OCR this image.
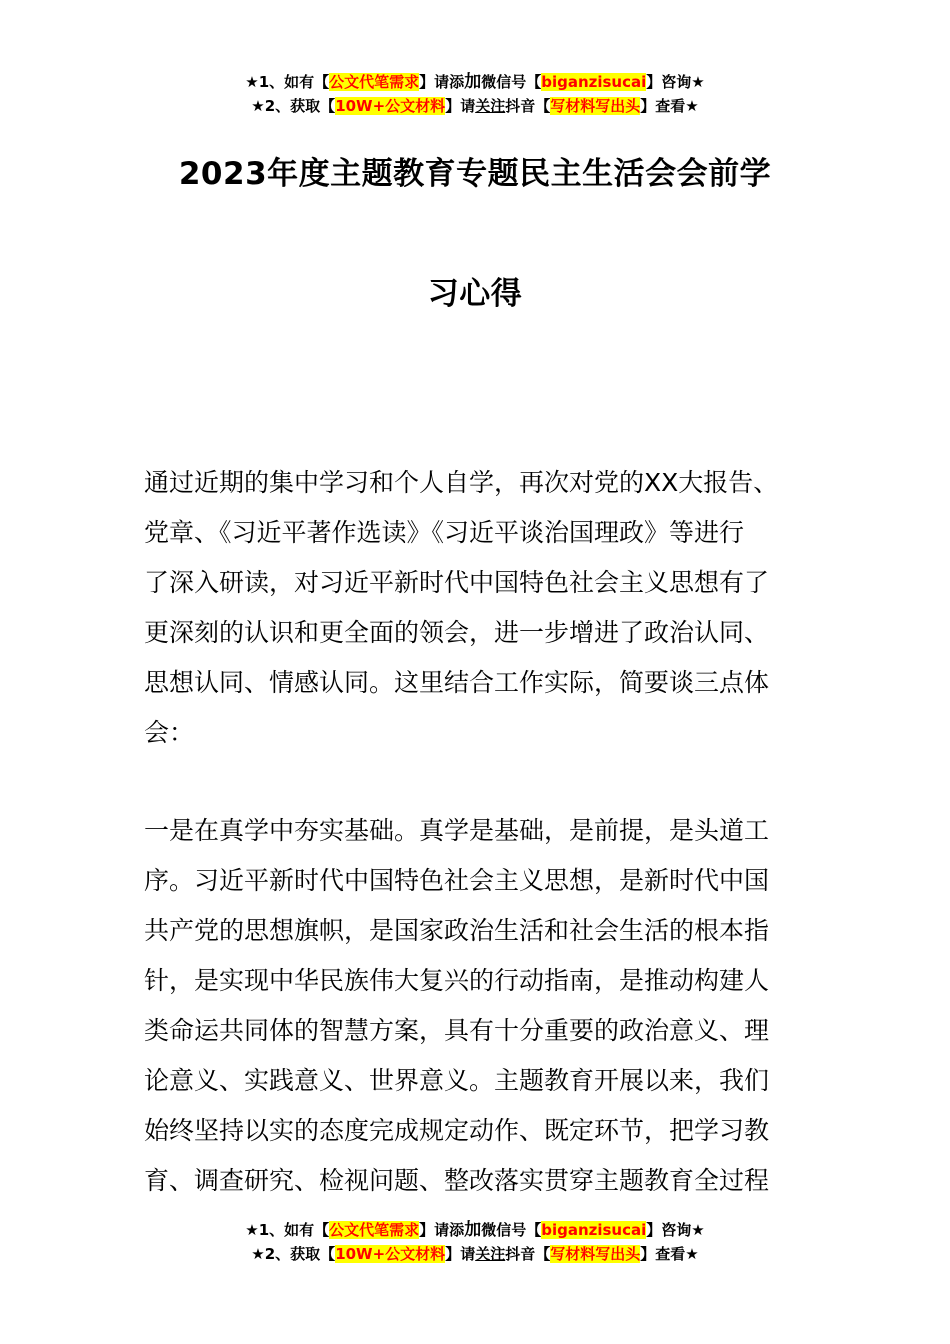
★1、如有【公文代笔需求】请添加微信号【biganzisucai】咨询★
★2、获取【10W+公文材料】请关注抖音【写材料写出头】查看★
2023年度主题教育专题民主生活会会前学
习心得
通过近期的集中学习和个人自学，再次对党的XX大报告、
党章、《习近平著作选读》《习近平谈治国理政》等进行
了深入研读，对习近平新时代中国特色社会主义思想有了
更深刻的认识和更全面的领会，进一步增进了政治认同、
思想认同、情感认同。这里结合工作实际，简要谈三点体
会：
一是在真学中夯实基础。真学是基础，是前提，是头道工
序。习近平新时代中国特色社会主义思想，是新时代中国
共产党的思想旗帜，是国家政治生活和社会生活的根本指
针，是实现中华民族伟大复兴的行动指南，是推动构建人
类命运共同体的智慧方案，具有十分重要的政治意义、理
论意义、实践意义、世界意义。主题教育开展以来，我们
始终坚持以实的态度完成规定动作、既定环节，把学习教
育、调查研究、检视问题、整改落实贯穿主题教育全过程
★1、如有【公文代笔需求】请添加微信号【biganzisucai】咨询★
★2、获取【10W+公文材料】请关注抖音【写材料写出头】查看★
